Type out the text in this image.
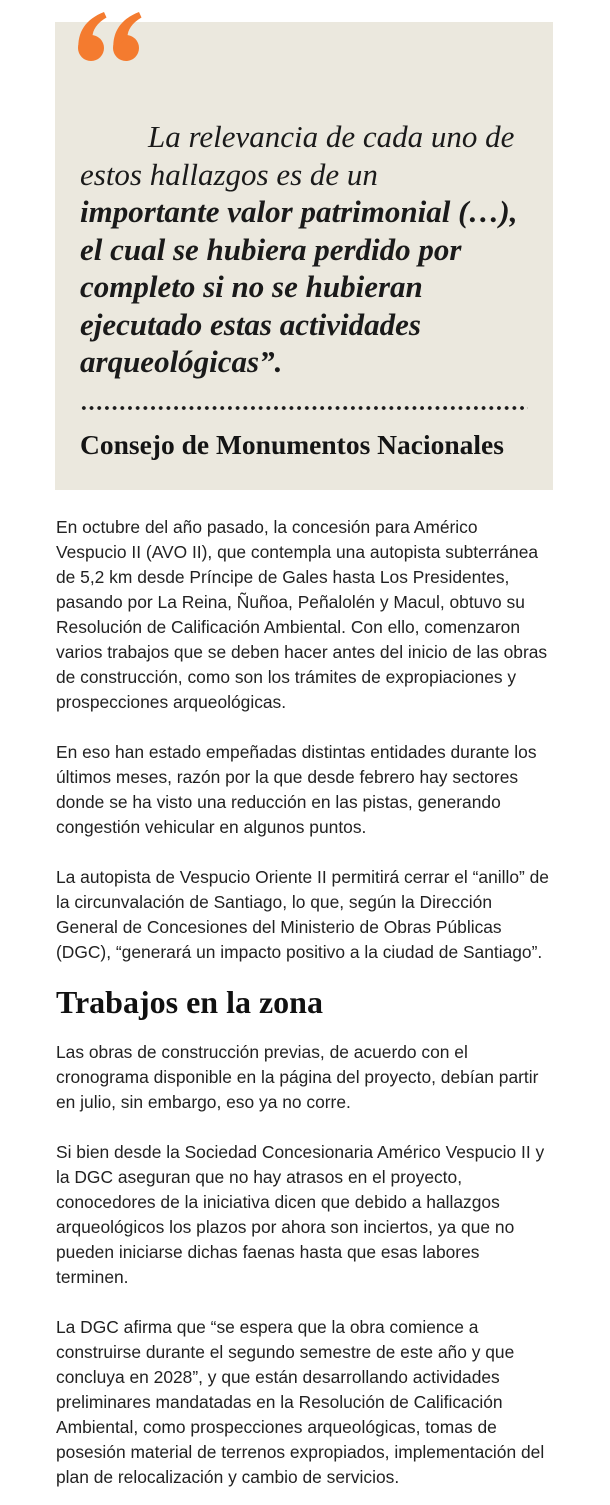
La relevancia de cada uno de
estos hallazgos es de un
importante valor patrimonial (…),
el cual se hubiera perdido por
completo si no se hubieran
ejecutado estas actividades
arqueológicas”.
Consejo de Monumentos Nacionales

En octubre del año pasado, la concesión para Américo
Vespucio II (AVO II), que contempla una autopista subterránea
de 5,2 km desde Príncipe de Gales hasta Los Presidentes,
pasando por La Reina, Ñuñoa, Peñalolén y Macul, obtuvo su
Resolución de Calificación Ambiental. Con ello, comenzaron
varios trabajos que se deben hacer antes del inicio de las obras
de construcción, como son los trámites de expropiaciones y
prospecciones arqueológicas.

En eso han estado empeñadas distintas entidades durante los
últimos meses, razón por la que desde febrero hay sectores
donde se ha visto una reducción en las pistas, generando
congestión vehicular en algunos puntos.

La autopista de Vespucio Oriente II permitirá cerrar el “anillo” de
la circunvalación de Santiago, lo que, según la Dirección
General de Concesiones del Ministerio de Obras Públicas
(DGC), “generará un impacto positivo a la ciudad de Santiago”.

Trabajos en la zona

Las obras de construcción previas, de acuerdo con el
cronograma disponible en la página del proyecto, debían partir
en julio, sin embargo, eso ya no corre.

Si bien desde la Sociedad Concesionaria Américo Vespucio II y
la DGC aseguran que no hay atrasos en el proyecto,
conocedores de la iniciativa dicen que debido a hallazgos
arqueológicos los plazos por ahora son inciertos, ya que no
pueden iniciarse dichas faenas hasta que esas labores
terminen.

La DGC afirma que “se espera que la obra comience a
construirse durante el segundo semestre de este año y que
concluya en 2028”, y que están desarrollando actividades
preliminares mandatadas en la Resolución de Calificación
Ambiental, como prospecciones arqueológicas, tomas de
posesión material de terrenos expropiados, implementación del
plan de relocalización y cambio de servicios.
